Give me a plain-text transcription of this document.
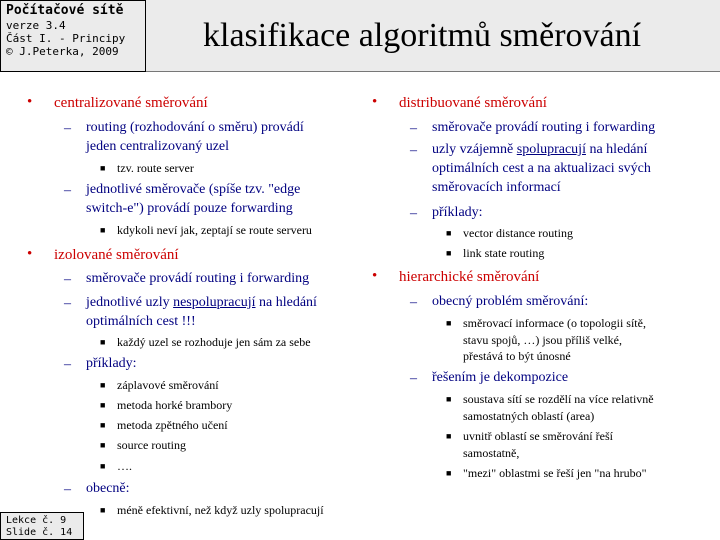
Počítačové sítě
verze 3.4
Část I. - Principy
© J.Peterka, 2009	klasifikace algoritmů směrování
• centralizované směrování
– routing (rozhodování o směru) provádí
jeden centralizovaný uzel
■ tzv. route server
– jednotlivé směrovače (spíše tzv. "edge
switch-e") provádí pouze forwarding
■ kdykoli neví jak, zeptají se route serveru
• izolované směrování
– směrovače provádí routing i forwarding
– jednotlivé uzly nespolupracují na hledání
optimálních cest !!!
■ každý uzel se rozhoduje jen sám za sebe
– příklady:
■ záplavové směrování
■ metoda horké brambory
■ metoda zpětného učení
■ source routing
■ ….
– obecně:
■ méně efektivní, než když uzly spolupracují
• distribuované směrování
– směrovače provádí routing i forwarding
– uzly vzájemně spolupracují na hledání
optimálních cest a na aktualizaci svých
směrovacích informací
– příklady:
■ vector distance routing
■ link state routing
• hierarchické směrování
– obecný problém směrování:
■ směrovací informace (o topologii sítě,
stavu spojů, …) jsou příliš velké,
přestává to být únosné
– řešením je dekompozice
■ soustava sítí se rozdělí na více relativně
samostatných oblastí (area)
■ uvnitř oblastí se směrování řeší
samostatně,
■ "mezi" oblastmi se řeší jen "na hrubo"
Lekce č. 9
Slide č. 14
